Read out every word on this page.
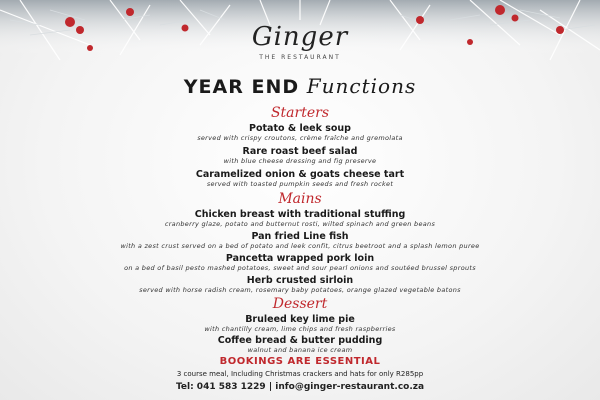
Ginger
THE RESTAURANT
YEAR END Functions
Starters
Potato & leek soup
served with crispy croutons, crème fraîche and gremolata
Rare roast beef salad
with blue cheese dressing and fig preserve
Caramelized onion & goats cheese tart
served with toasted pumpkin seeds and fresh rocket
Mains
Chicken breast with traditional stuffing
cranberry glaze, potato and butternut rosti, wilted spinach and green beans
Pan fried Line fish
with a zest crust served on a bed of potato and leek confit, citrus beetroot and a splash lemon puree
Pancetta wrapped pork loin
on a bed of basil pesto mashed potatoes, sweet and sour pearl onions and soutéed brussel sprouts
Herb crusted sirloin
served with horse radish cream, rosemary baby potatoes, orange glazed vegetable batons
Dessert
Bruleed key lime pie
with chantilly cream, lime chips and fresh raspberries
Coffee bread & butter pudding
walnut and banana ice cream
BOOKINGS ARE ESSENTIAL
3 course meal, Including Christmas crackers and hats for only R285pp
Tel: 041 583 1229 | info@ginger-restaurant.co.za
